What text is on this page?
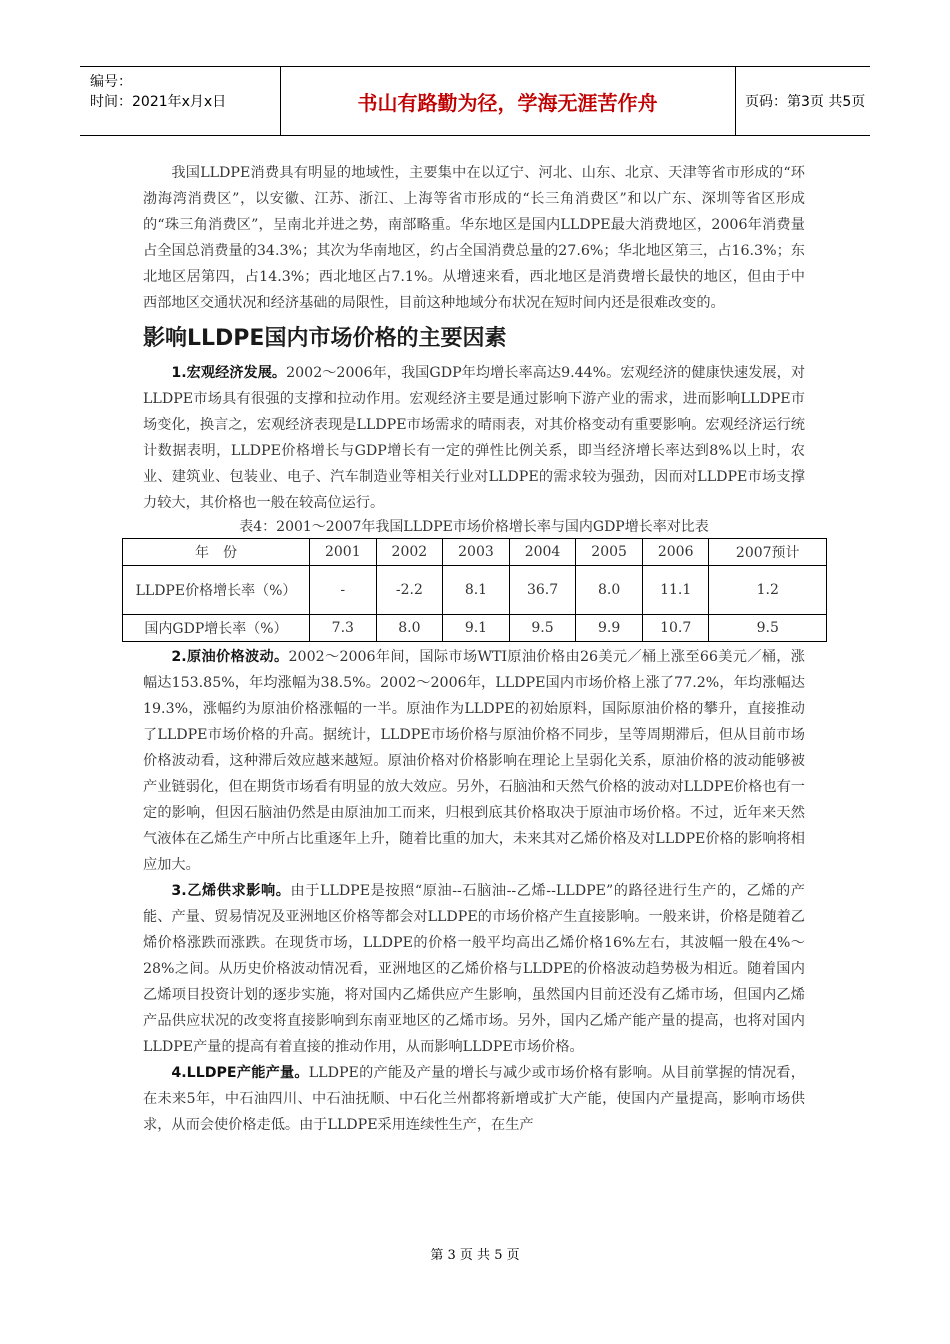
编号：
时间：2021年x月x日	书山有路勤为径，学海无涯苦作舟	页码：第3页 共5页

我国LLDPE消费具有明显的地域性，主要集中在以辽宁、河北、山东、北京、天津等省市形成的“环渤海湾消费区”，以安徽、江苏、浙江、上海等省市形成的“长三角消费区”和以广东、深圳等省区形成的“珠三角消费区”，呈南北并进之势，南部略重。华东地区是国内LLDPE最大消费地区，2006年消费量占全国总消费量的34.3%；其次为华南地区，约占全国消费总量的27.6%；华北地区第三，占16.3%；东北地区居第四，占14.3%；西北地区占7.1%。从增速来看，西北地区是消费增长最快的地区，但由于中西部地区交通状况和经济基础的局限性，目前这种地域分布状况在短时间内还是很难改变的。

影响LLDPE国内市场价格的主要因素

1.宏观经济发展。2002～2006年，我国GDP年均增长率高达9.44%。宏观经济的健康快速发展，对LLDPE市场具有很强的支撑和拉动作用。宏观经济主要是通过影响下游产业的需求，进而影响LLDPE市场变化，换言之，宏观经济表现是LLDPE市场需求的晴雨表，对其价格变动有重要影响。宏观经济运行统计数据表明，LLDPE价格增长与GDP增长有一定的弹性比例关系，即当经济增长率达到8%以上时，农业、建筑业、包装业、电子、汽车制造业等相关行业对LLDPE的需求较为强劲，因而对LLDPE市场支撑力较大，其价格也一般在较高位运行。

表4：2001～2007年我国LLDPE市场价格增长率与国内GDP增长率对比表
年　份	2001	2002	2003	2004	2005	2006	2007预计
LLDPE价格增长率（%）	-	-2.2	8.1	36.7	8.0	11.1	1.2
国内GDP增长率（%）	7.3	8.0	9.1	9.5	9.9	10.7	9.5

2.原油价格波动。2002～2006年间，国际市场WTI原油价格由26美元／桶上涨至66美元／桶，涨幅达153.85%，年均涨幅为38.5%。2002～2006年，LLDPE国内市场价格上涨了77.2%，年均涨幅达19.3%，涨幅约为原油价格涨幅的一半。原油作为LLDPE的初始原料，国际原油价格的攀升，直接推动了LLDPE市场价格的升高。据统计，LLDPE市场价格与原油价格不同步，呈等周期滞后，但从目前市场价格波动看，这种滞后效应越来越短。原油价格对价格影响在理论上呈弱化关系，原油价格的波动能够被产业链弱化，但在期货市场看有明显的放大效应。另外，石脑油和天然气价格的波动对LLDPE价格也有一定的影响，但因石脑油仍然是由原油加工而来，归根到底其价格取决于原油市场价格。不过，近年来天然气液体在乙烯生产中所占比重逐年上升，随着比重的加大，未来其对乙烯价格及对LLDPE价格的影响将相应加大。

3.乙烯供求影响。由于LLDPE是按照“原油--石脑油--乙烯--LLDPE”的路径进行生产的，乙烯的产能、产量、贸易情况及亚洲地区价格等都会对LLDPE的市场价格产生直接影响。一般来讲，价格是随着乙烯价格涨跌而涨跌。在现货市场，LLDPE的价格一般平均高出乙烯价格16%左右，其波幅一般在4%～28%之间。从历史价格波动情况看，亚洲地区的乙烯价格与LLDPE的价格波动趋势极为相近。随着国内乙烯项目投资计划的逐步实施，将对国内乙烯供应产生影响，虽然国内目前还没有乙烯市场，但国内乙烯产品供应状况的改变将直接影响到东南亚地区的乙烯市场。另外，国内乙烯产能产量的提高，也将对国内LLDPE产量的提高有着直接的推动作用，从而影响LLDPE市场价格。

4.LLDPE产能产量。LLDPE的产能及产量的增长与减少或市场价格有影响。从目前掌握的情况看，在未来5年，中石油四川、中石油抚顺、中石化兰州都将新增或扩大产能，使国内产量提高，影响市场供求，从而会使价格走低。由于LLDPE采用连续性生产，在生产

第 3 页 共 5 页
